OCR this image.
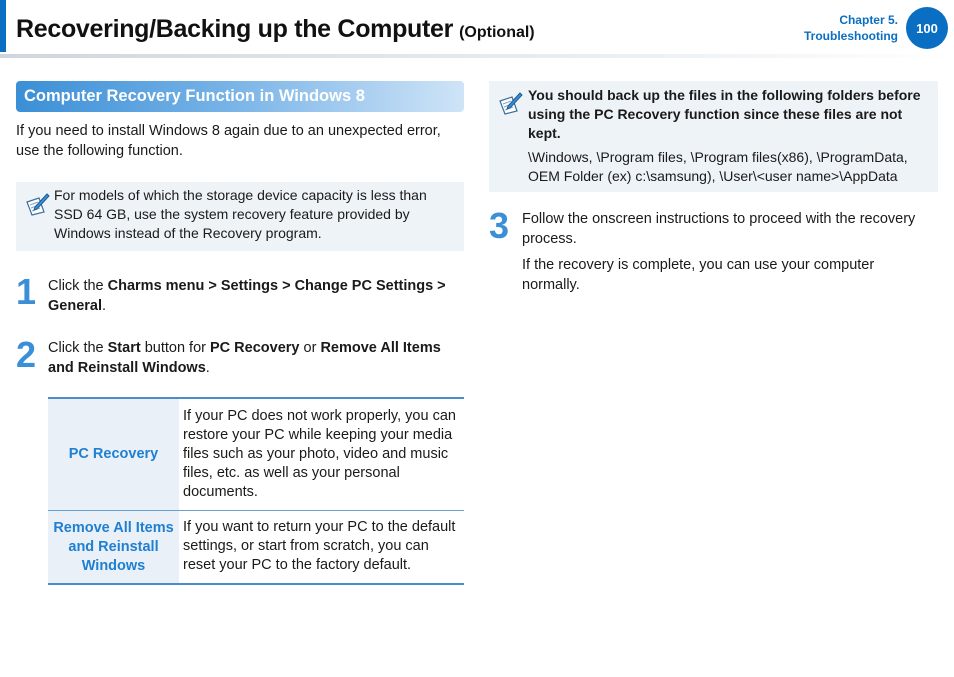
Recovering/Backing up the Computer (Optional)
Chapter 5.
Troubleshooting
100
Computer Recovery Function in Windows 8

If you need to install Windows 8 again due to an unexpected error, use the following function.

For models of which the storage device capacity is less than SSD 64 GB, use the system recovery feature provided by Windows instead of the Recovery program.

1 Click the Charms menu > Settings > Change PC Settings > General.

2 Click the Start button for PC Recovery or Remove All Items and Reinstall Windows.

PC Recovery	If your PC does not work properly, you can restore your PC while keeping your media files such as your photo, video and music files, etc. as well as your personal documents.
Remove All Items and Reinstall Windows	If you want to return your PC to the default settings, or start from scratch, you can reset your PC to the factory default.

You should back up the files in the following folders before using the PC Recovery function since these files are not kept.

\Windows, \Program files, \Program files(x86), \ProgramData, OEM Folder (ex) c:\samsung), \User\<user name>\AppData

3 Follow the onscreen instructions to proceed with the recovery process.

If the recovery is complete, you can use your computer normally.
